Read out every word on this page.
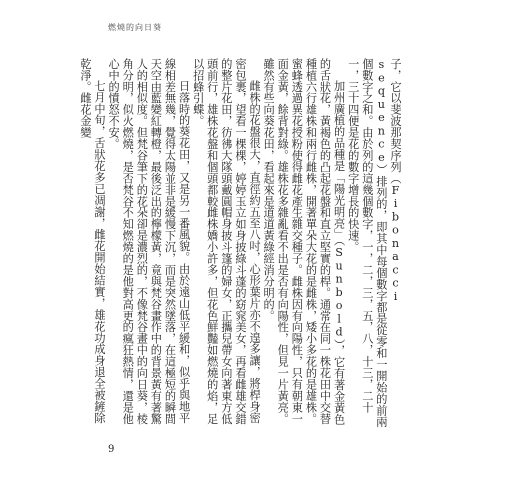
燃燒的向日葵

子，它以斐波那契序列（Fibonacci sequence）排列的，即其中每個數字都是從零和一開始的前兩個數字之和。由於列的這幾個數字，一，二，三，五，八，十三，二十一，三十四便是花的數字增長的快速。

加州廣植的品種是「陽光明亮」（Sunbold），它有著金黃色的舌狀花，黃褐色的凸起花盤和直立堅實的桿。通常在同一株花田中交替種植六行雄株和兩行雌株，開著單朵大花的是雌株，矮小多花的是雄株。蜜蜂透過異花授粉使得雌花產生雜交種子。雌株因有向陽性，只有朝東一面金黃，餘背對綠。雄株花多雜亂看不出是否有向陽性，但見一片黃亮。雖然有些向葵花田，看起來是道道黃綠經消分明的。

雌株的花盤很大，直徑約五至八吋，心形葉片亦不遑多讓，將桿身密密包裹，望看一棵棵，婷婷玉立如身披綠斗蓬的窈窕美女，再看雌雄交錯的整片花田，彷彿大隊頭戴圓帽身披斗篷的婦女，正攜兒帶女向著東方低頭前行，雄株花盤和個頭都較雌株嬌小許多，但花色鮮豔如燃燒的焰，足以招蜂引蝶。

日落時的葵花田，又是另一番風貌。由於遠山低平緩和，似乎與地平線相差無幾，覺得太陽並非是緩慢下沉，而是突然墜落，在這極短的瞬間天空由藍變紅轉橙，最後泛出的檸檬黃，竟與梵谷畫作中的背景黃有著驚人的相似度。但梵谷筆下的花朵卻是濃烈的，不像梵谷畫中的向日葵，棱角分明，似火燃燒，是否梵谷不知燃燒的是他對高更的瘋狂熱情，還是他心中的憤怒不安。

七月中旬，舌狀花多已凋謝，雌花開始結實，雄花功成身退全被鏟除乾淨。雌花金變

9
